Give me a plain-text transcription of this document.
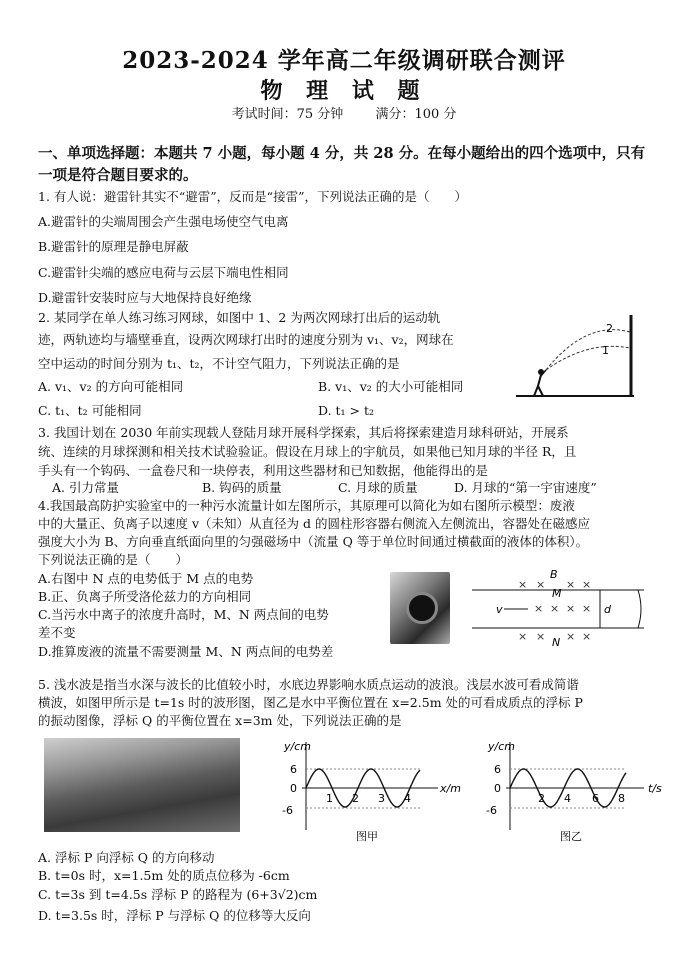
2023-2024 学年高二年级调研联合测评
物 理 试 题
考试时间：75 分钟 满分：100 分
一、单项选择题：本题共 7 小题，每小题 4 分，共 28 分。在每小题给出的四个选项中，只有一项是符合题目要求的。
1. 有人说：避雷针其实不“避雷”，反而是“接雷”，下列说法正确的是（　　）
A.避雷针的尖端周围会产生强电场使空气电离
B.避雷针的原理是静电屏蔽
C.避雷针尖端的感应电荷与云层下端电性相同
D.避雷针安装时应与大地保持良好绝缘
2. 某同学在单人练习练习网球，如图中 1、2 为两次网球打出后的运动轨
迹，两轨迹均与墙壁垂直，设两次网球打出时的速度分别为 v₁、v₂，网球在
空中运动的时间分别为 t₁、t₂，不计空气阻力，下列说法正确的是
A. v₁、v₂ 的方向可能相同	B. v₁、v₂ 的大小可能相同
C. t₁、t₂ 可能相同	D. t₁ > t₂
2
1
3. 我国计划在 2030 年前实现载人登陆月球开展科学探索，其后将探索建造月球科研站，开展系
统、连续的月球探测和相关技术试验验证。假设在月球上的宇航员，如果他已知月球的半径 R，且
手头有一个钩码、一盒卷尺和一块停表，利用这些器材和已知数据，他能得出的是
A. 引力常量	B. 钩码的质量	C. 月球的质量	D. 月球的“第一宇宙速度”
4.我国最高防护实验室中的一种污水流量计如左图所示，其原理可以简化为如右图所示模型：废液
中的大量正、负离子以速度 v（未知）从直径为 d 的圆柱形容器右侧流入左侧流出，容器处在磁感应
强度大小为 B、方向垂直纸面向里的匀强磁场中（流量 Q 等于单位时间通过横截面的液体的体积）。
下列说法正确的是（　　）
A.右图中 N 点的电势低于 M 点的电势
B.正、负离子所受洛伦兹力的方向相同
C.当污水中离子的浓度升高时，M、N 两点间的电势
差不变
D.推算废液的流量不需要测量 M、N 两点间的电势差
d
B
M
N
v
× × × ×
× × × ×
× × × ×
5. 浅水波是指当水深与波长的比值较小时，水底边界影响水质点运动的波浪。浅层水波可看成简谐
横波，如图甲所示是 t=1s 时的波形图，图乙是水中平衡位置在 x=2.5m 处的可看成质点的浮标 P
的振动图像，浮标 Q 的平衡位置在 x=3m 处，下列说法正确的是
y/cm
x/m
6
0
-6
1 2 3 4
图甲
y/cm
t/s
6
0
-6
2 4 6 8
图乙
A. 浮标 P 向浮标 Q 的方向移动
B. t=0s 时，x=1.5m 处的质点位移为 -6cm
C. t=3s 到 t=4.5s 浮标 P 的路程为 (6+3√2)cm
D. t=3.5s 时，浮标 P 与浮标 Q 的位移等大反向
